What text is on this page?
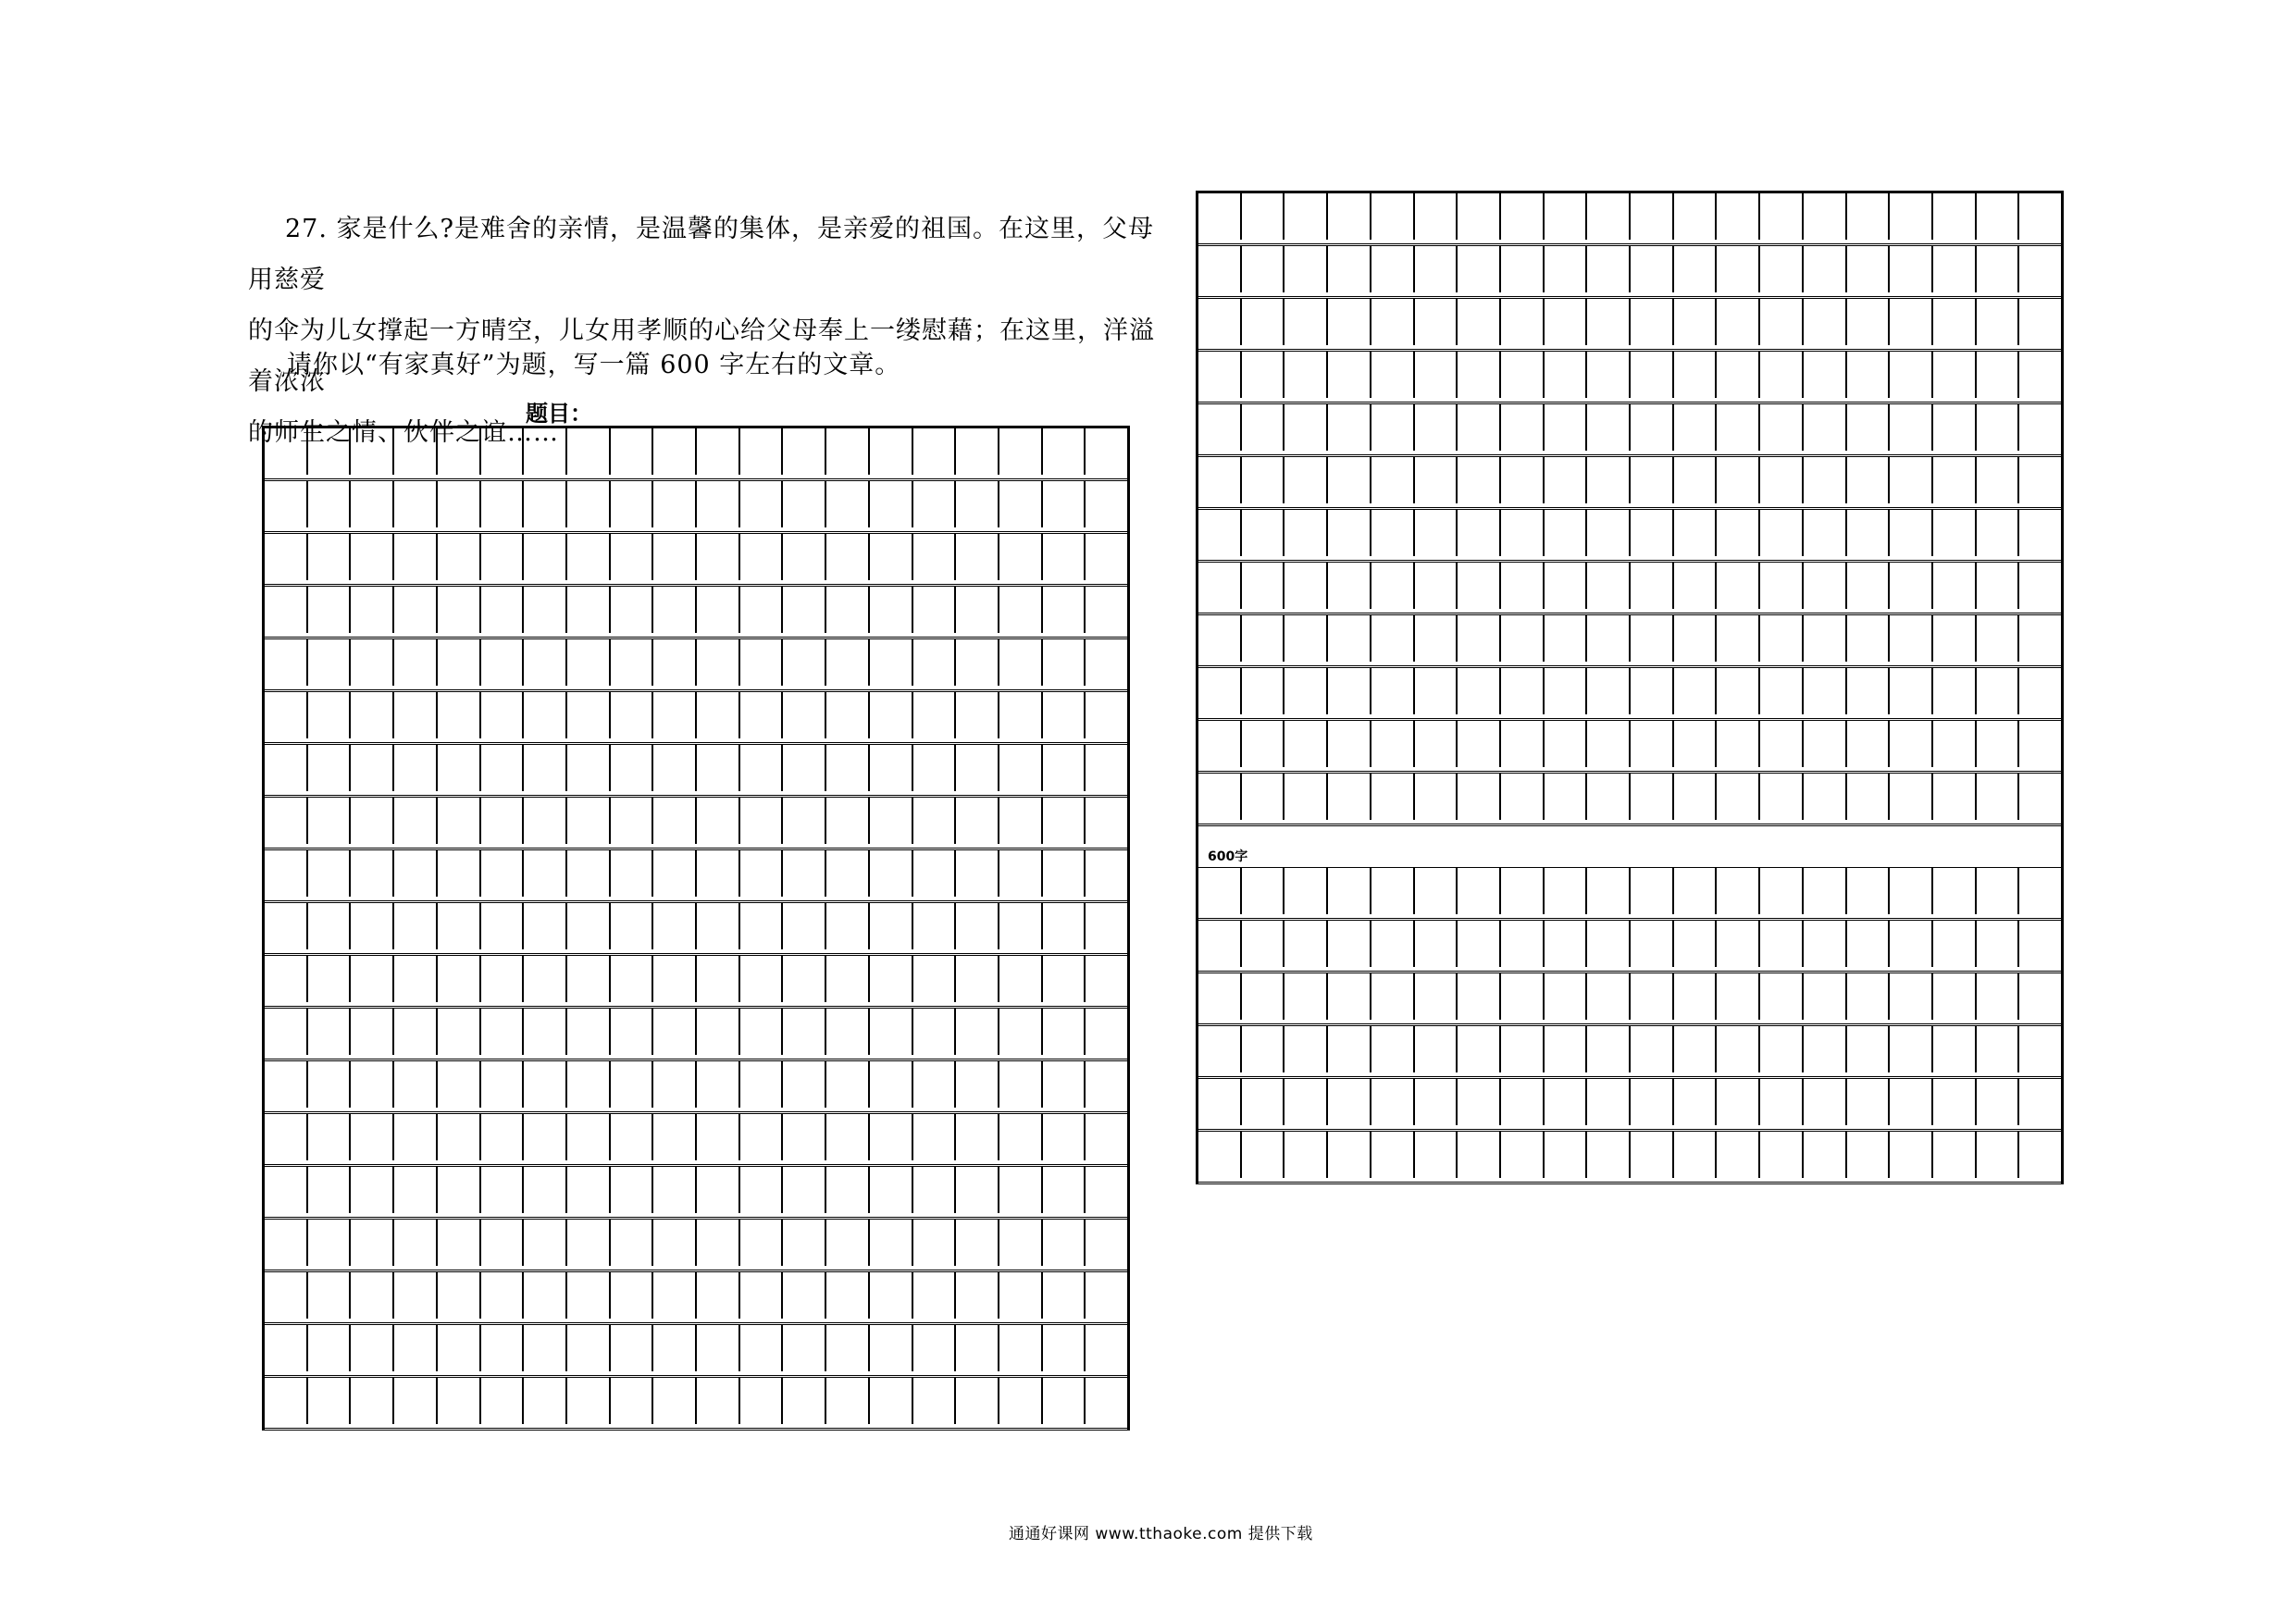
27. 家是什么?是难舍的亲情，是温馨的集体，是亲爱的祖国。在这里，父母用慈爱

的伞为儿女撑起一方晴空，儿女用孝顺的心给父母奉上一缕慰藉；在这里，洋溢着浓浓

的师生之情、伙伴之谊……

请你以“有家真好”为题，写一篇 600 字左右的文章。
题目：
600字
通通好课网 www.tthaoke.com 提供下载
